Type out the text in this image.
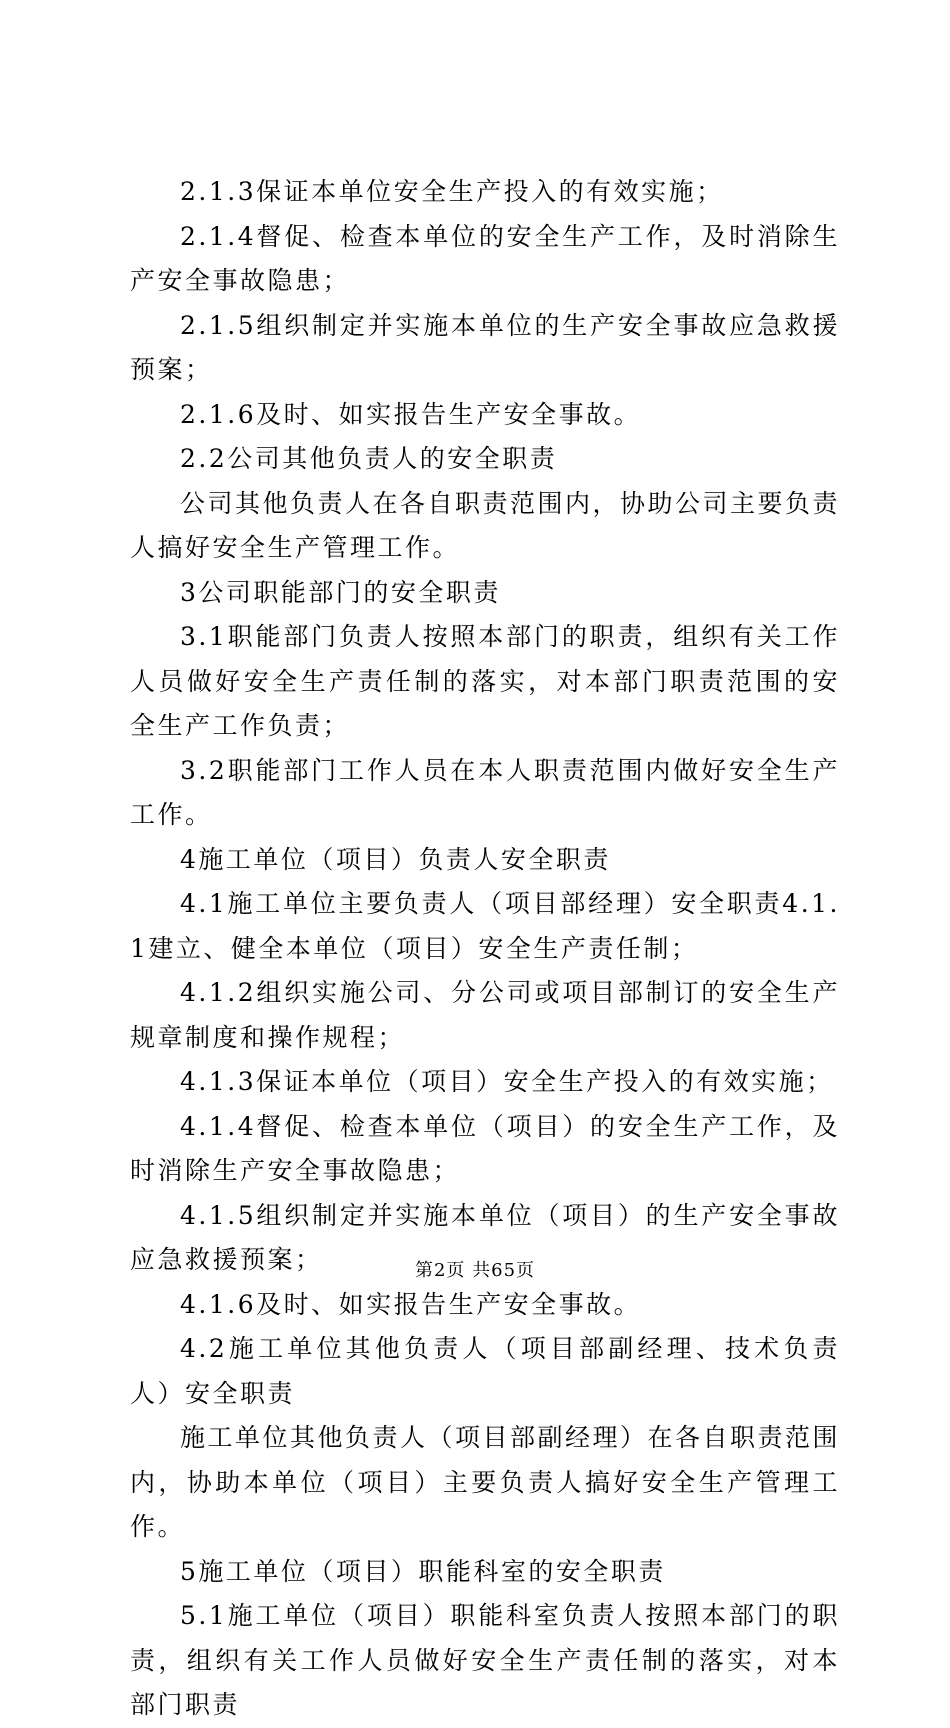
2.1.3保证本单位安全生产投入的有效实施；

2.1.4督促、检查本单位的安全生产工作，及时消除生产安全事故隐患；

2.1.5组织制定并实施本单位的生产安全事故应急救援预案；

2.1.6及时、如实报告生产安全事故。

2.2公司其他负责人的安全职责

公司其他负责人在各自职责范围内，协助公司主要负责人搞好安全生产管理工作。

3公司职能部门的安全职责

3.1职能部门负责人按照本部门的职责，组织有关工作人员做好安全生产责任制的落实，对本部门职责范围的安全生产工作负责；

3.2职能部门工作人员在本人职责范围内做好安全生产工作。

4施工单位（项目）负责人安全职责

4.1施工单位主要负责人（项目部经理）安全职责4.1.1建立、健全本单位（项目）安全生产责任制；

4.1.2组织实施公司、分公司或项目部制订的安全生产规章制度和操作规程；

4.1.3保证本单位（项目）安全生产投入的有效实施；

4.1.4督促、检查本单位（项目）的安全生产工作，及时消除生产安全事故隐患；

4.1.5组织制定并实施本单位（项目）的生产安全事故应急救援预案；

4.1.6及时、如实报告生产安全事故。

4.2施工单位其他负责人（项目部副经理、技术负责人）安全职责

施工单位其他负责人（项目部副经理）在各自职责范围内，协助本单位（项目）主要负责人搞好安全生产管理工作。

5施工单位（项目）职能科室的安全职责

5.1施工单位（项目）职能科室负责人按照本部门的职责，组织有关工作人员做好安全生产责任制的落实，对本部门职责

第2页 共65页
